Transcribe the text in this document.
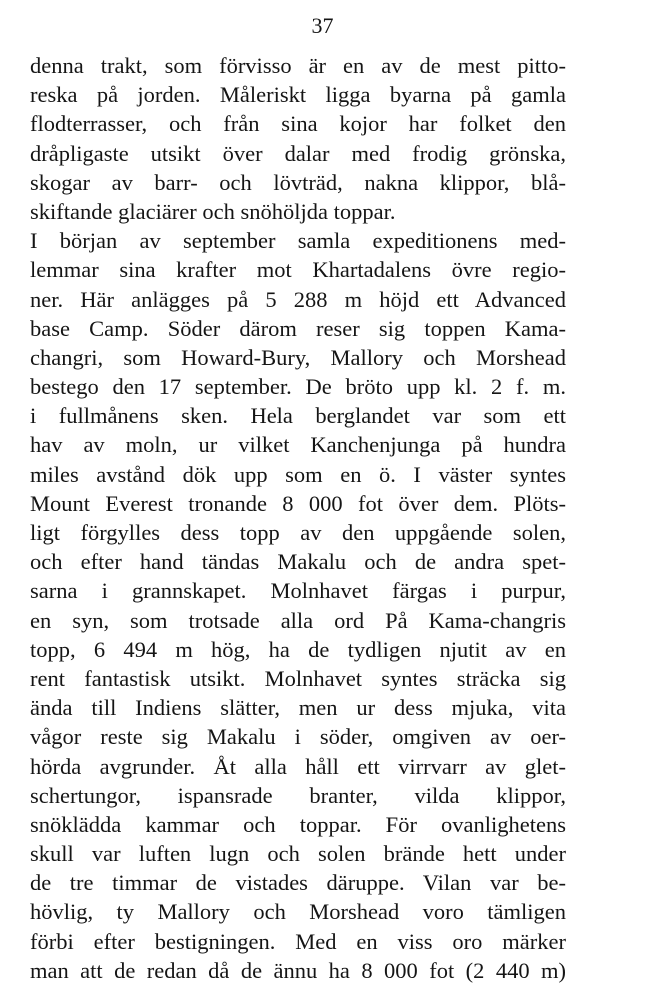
37
denna trakt, som förvisso är en av de mest pitto-
reska på jorden. Måleriskt ligga byarna på gamla
flodterrasser, och från sina kojor har folket den
dråpligaste utsikt över dalar med frodig grönska,
skogar av barr- och lövträd, nakna klippor, blå-
skiftande glaciärer och snöhöljda toppar.
I början av september samla expeditionens med-
lemmar sina krafter mot Khartadalens övre regio-
ner. Här anlägges på 5 288 m höjd ett Advanced
base Camp. Söder därom reser sig toppen Kama-
changri, som Howard-Bury, Mallory och Morshead
bestego den 17 september. De bröto upp kl. 2 f. m.
i fullmånens sken. Hela berglandet var som ett
hav av moln, ur vilket Kanchenjunga på hundra
miles avstånd dök upp som en ö. I väster syntes
Mount Everest tronande 8 000 fot över dem. Plöts-
ligt förgylles dess topp av den uppgående solen,
och efter hand tändas Makalu och de andra spet-
sarna i grannskapet. Molnhavet färgas i purpur,
en syn, som trotsade alla ord På Kama-changris
topp, 6 494 m hög, ha de tydligen njutit av en
rent fantastisk utsikt. Molnhavet syntes sträcka sig
ända till Indiens slätter, men ur dess mjuka, vita
vågor reste sig Makalu i söder, omgiven av oer-
hörda avgrunder. Åt alla håll ett virrvarr av glet-
schertungor, ispansrade branter, vilda klippor,
snöklädda kammar och toppar. För ovanlighetens
skull var luften lugn och solen brände hett under
de tre timmar de vistades däruppe. Vilan var be-
hövlig, ty Mallory och Morshead voro tämligen
förbi efter bestigningen. Med en viss oro märker
man att de redan då de ännu ha 8 000 fot (2 440 m)
